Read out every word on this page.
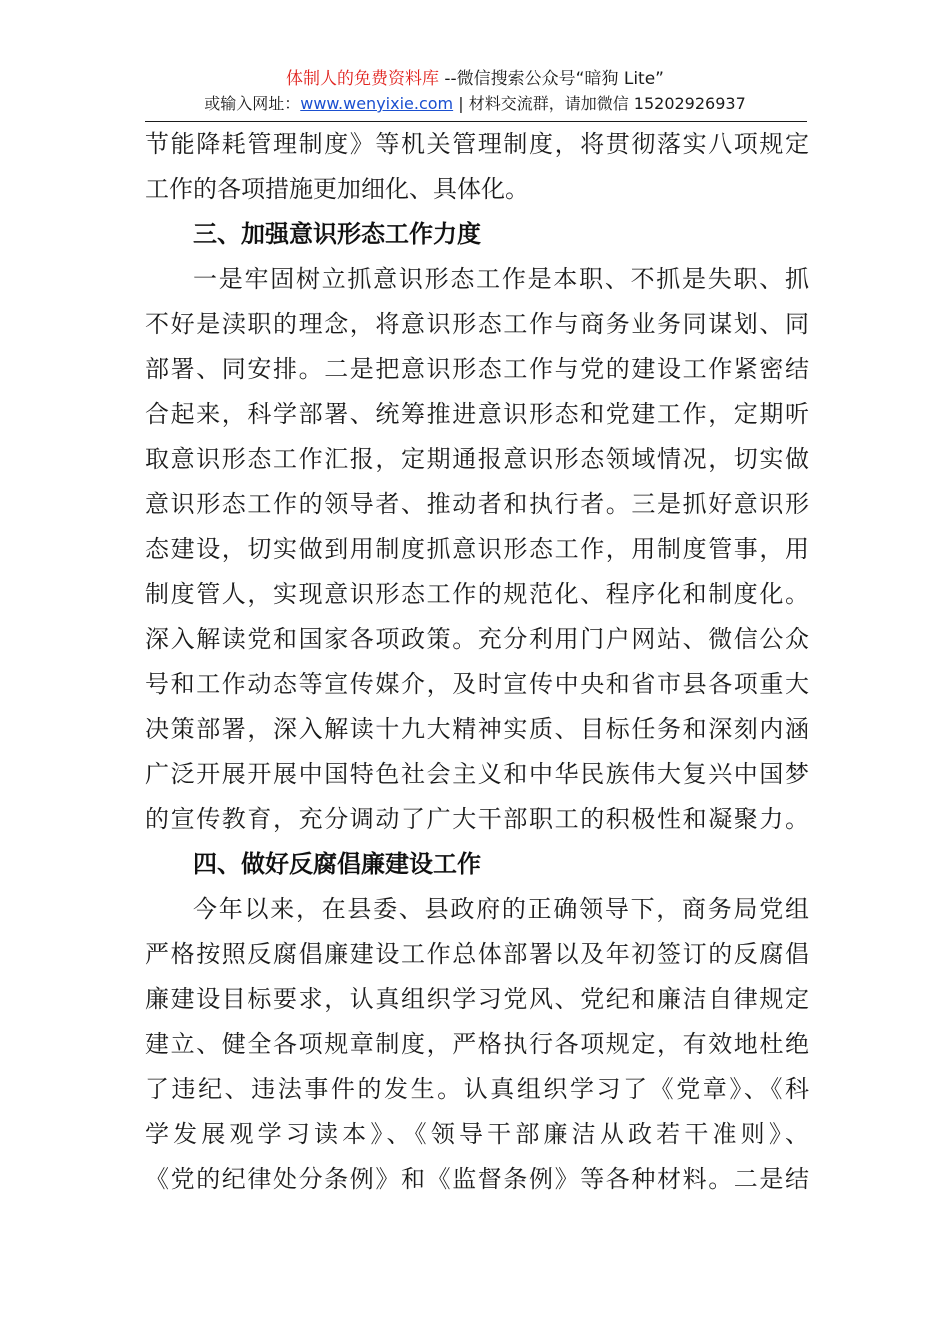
体制人的免费资料库 --微信搜索公众号“暗狗 Lite”
或输入网址：www.wenyixie.com | 材料交流群，请加微信 15202926937
节能降耗管理制度》等机关管理制度，将贯彻落实八项规定
工作的各项措施更加细化、具体化。
三、加强意识形态工作力度
一是牢固树立抓意识形态工作是本职、不抓是失职、抓
不好是渎职的理念，将意识形态工作与商务业务同谋划、同
部署、同安排。二是把意识形态工作与党的建设工作紧密结
合起来，科学部署、统筹推进意识形态和党建工作，定期听
取意识形态工作汇报，定期通报意识形态领域情况，切实做
意识形态工作的领导者、推动者和执行者。三是抓好意识形
态建设，切实做到用制度抓意识形态工作，用制度管事，用
制度管人，实现意识形态工作的规范化、程序化和制度化。
深入解读党和国家各项政策。充分利用门户网站、微信公众
号和工作动态等宣传媒介，及时宣传中央和省市县各项重大
决策部署，深入解读十九大精神实质、目标任务和深刻内涵
广泛开展开展中国特色社会主义和中华民族伟大复兴中国梦
的宣传教育，充分调动了广大干部职工的积极性和凝聚力。
四、做好反腐倡廉建设工作
今年以来，在县委、县政府的正确领导下，商务局党组
严格按照反腐倡廉建设工作总体部署以及年初签订的反腐倡
廉建设目标要求，认真组织学习党风、党纪和廉洁自律规定
建立、健全各项规章制度，严格执行各项规定，有效地杜绝
了违纪、违法事件的发生。认真组织学习了《党章》、《科
学发展观学习读本》、《领导干部廉洁从政若干准则》、
《党的纪律处分条例》和《监督条例》等各种材料。二是结
